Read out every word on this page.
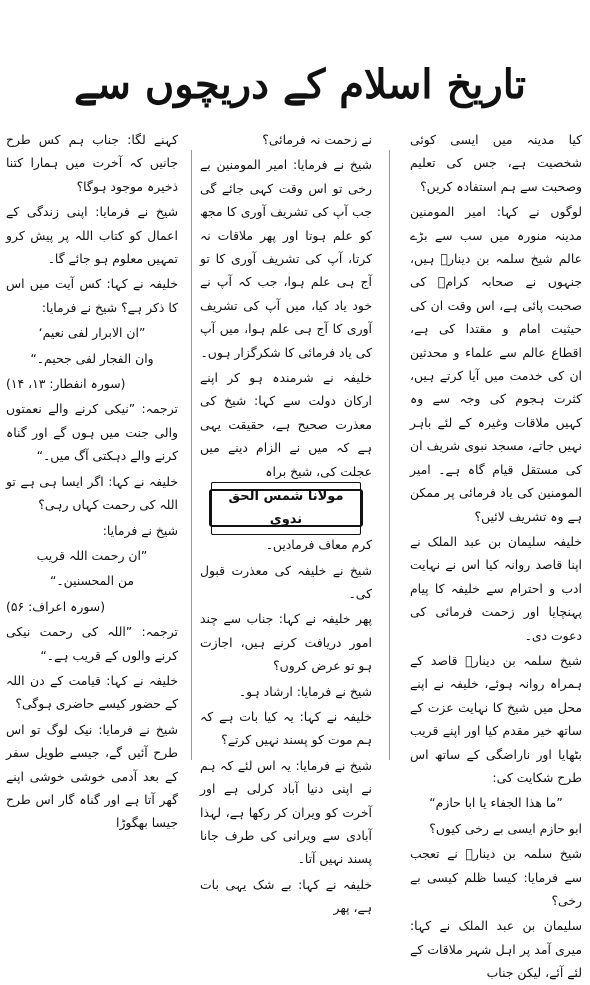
تاریخ اسلام کے دریچوں سے

کیا مدینہ میں ایسی کوئی شخصیت ہے، جس کی تعلیم وصحبت سے ہم استفادہ کریں؟

لوگوں نے کہا: امیر المومنین مدینہ منورہ میں سب سے بڑے عالم شیخ سلمہ بن دینارؒ ہیں، جنہوں نے صحابہ کرامؓ کی صحبت پائی ہے، اس وقت ان کی حیثیت امام و مقتدا کی ہے، اقطاع عالم سے علماء و محدثین ان کی خدمت میں آیا کرتے ہیں، کثرت ہجوم کی وجہ سے وہ کہیں ملاقات وغیرہ کے لئے باہر نہیں جاتے، مسجد نبوی شریف ان کی مستقل قیام گاہ ہے۔ امیر المومنین کی یاد فرمائی پر ممکن ہے وہ تشریف لائیں؟

خلیفہ سلیمان بن عبد الملک نے اپنا قاصد روانہ کیا اس نے نہایت ادب و احترام سے خلیفہ کا پیام پہنچایا اور زحمت فرمائی کی دعوت دی۔

شیخ سلمہ بن دینارؒ قاصد کے ہمراہ روانہ ہوئے، خلیفہ نے اپنے محل میں شیخ کا نہایت عزت کے ساتھ خیر مقدم کیا اور اپنے قریب بٹھایا اور ناراضگی کے ساتھ اس طرح شکایت کی:

”ما هذا الجفاء یا ابا حازم“

ابو حازم ایسی بے رخی کیوں؟

شیخ سلمہ بن دینارؒ نے تعجب سے فرمایا: کیسا ظلم کیسی بے رخی؟

سلیمان بن عبد الملک نے کہا: میری آمد پر اہل شہر ملاقات کے لئے آئے، لیکن جناب

نے زحمت نہ فرمائی؟

شیخ نے فرمایا: امیر المومنین بے رخی تو اس وقت کہی جائے گی جب آپ کی تشریف آوری کا مجھ کو علم ہوتا اور پھر ملاقات نہ کرتا، آپ کی تشریف آوری کا تو آج ہی علم ہوا، جب کہ آپ نے خود یاد کیا، میں آپ کی تشریف آوری کا آج ہی علم ہوا، میں آپ کی یاد فرمائی کا شکرگزار ہوں۔

خلیفہ نے شرمندہ ہو کر اپنے ارکان دولت سے کہا: شیخ کی معذرت صحیح ہے، حقیقت یہی ہے کہ میں نے الزام دینے میں عجلت کی، شیخ براہ

مولانا شمس الحق ندوی

کرم معاف فرمادیں۔

شیخ نے خلیفہ کی معذرت قبول کی۔

پھر خلیفہ نے کہا: جناب سے چند امور دریافت کرنے ہیں، اجازت ہو تو عرض کروں؟

شیخ نے فرمایا: ارشاد ہو۔

خلیفہ نے کہا: یہ کیا بات ہے کہ ہم موت کو پسند نہیں کرتے؟

شیخ نے فرمایا: یہ اس لئے کہ ہم نے اپنی دنیا آباد کرلی ہے اور آخرت کو ویران کر رکھا ہے، لہذا آبادی سے ویرانی کی طرف جانا پسند نہیں آتا۔

خلیفہ نے کہا: بے شک یہی بات ہے، پھر

کہنے لگا: جناب ہم کس طرح جانیں کہ آخرت میں ہمارا کتنا ذخیرہ موجود ہوگا؟

شیخ نے فرمایا: اپنی زندگی کے اعمال کو کتاب اللہ پر پیش کرو تمہیں معلوم ہو جائے گا۔

خلیفہ نے کہا: کس آیت میں اس کا ذکر ہے؟ شیخ نے فرمایا:

”ان الابرار لفی نعیم‘

وان الفجار لفی جحیم۔“

(سورہ انفطار: ۱۳، ۱۴)

ترجمہ: ”نیکی کرنے والے نعمتوں والی جنت میں ہوں گے اور گناہ کرنے والے دہکتی آگ میں۔“

خلیفہ نے کہا: اگر ایسا ہی ہے تو اللہ کی رحمت کہاں رہی؟

شیخ نے فرمایا:

”ان رحمت اللہ قریب

من المحسنین۔“

(سورہ اعراف: ۵۶)

ترجمہ: ”اللہ کی رحمت نیکی کرنے والوں کے قریب ہے۔“

خلیفہ نے کہا: قیامت کے دن اللہ کے حضور کیسے حاضری ہوگی؟

شیخ نے فرمایا: نیک لوگ تو اس طرح آئیں گے، جیسے طویل سفر کے بعد آدمی خوشی خوشی اپنے گھر آتا ہے اور گناہ گار اس طرح جیسا بھگوڑا
